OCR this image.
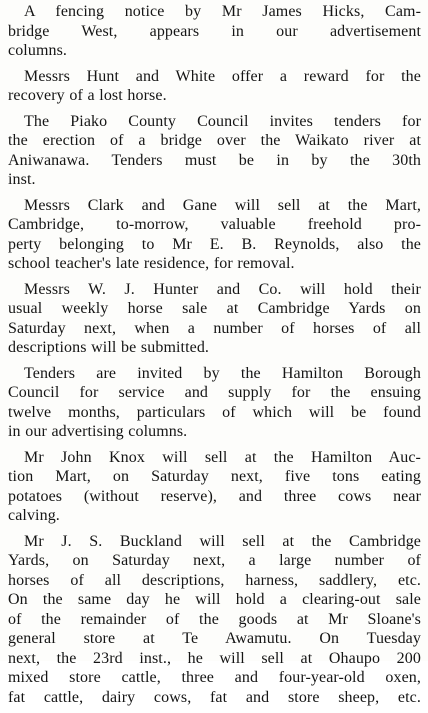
A fencing notice by Mr James Hicks, Cam-
bridge West, appears in our advertisement
columns.
Messrs Hunt and White offer a reward for the
recovery of a lost horse.
The Piako County Council invites tenders for
the erection of a bridge over the Waikato river at
Aniwanawa. Tenders must be in by the 30th
inst.
Messrs Clark and Gane will sell at the Mart,
Cambridge, to-morrow, valuable freehold pro-
perty belonging to Mr E. B. Reynolds, also the
school teacher's late residence, for removal.
Messrs W. J. Hunter and Co. will hold their
usual weekly horse sale at Cambridge Yards on
Saturday next, when a number of horses of all
descriptions will be submitted.
Tenders are invited by the Hamilton Borough
Council for service and supply for the ensuing
twelve months, particulars of which will be found
in our advertising columns.
Mr John Knox will sell at the Hamilton Auc-
tion Mart, on Saturday next, five tons eating
potatoes (without reserve), and three cows near
calving.
Mr J. S. Buckland will sell at the Cambridge
Yards, on Saturday next, a large number of
horses of all descriptions, harness, saddlery, etc.
On the same day he will hold a clearing-out sale
of the remainder of the goods at Mr Sloane's
general store at Te Awamutu. On Tuesday
next, the 23rd inst., he will sell at Ohaupo 200
mixed store cattle, three and four-year-old oxen,
fat cattle, dairy cows, fat and store sheep, etc.
